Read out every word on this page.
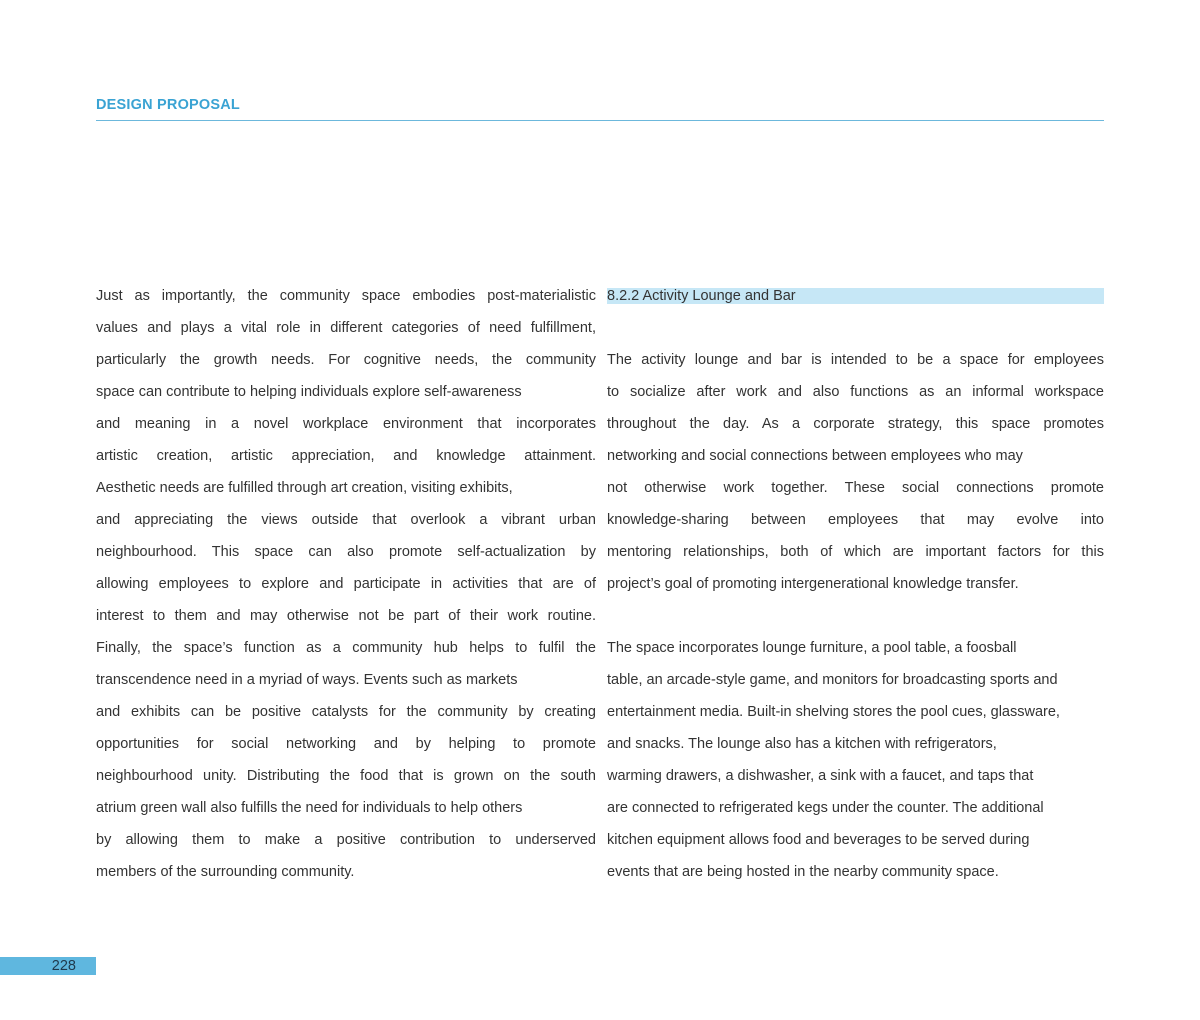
DESIGN PROPOSAL
Just as importantly, the community space embodies post-materialistic
values and plays a vital role in different categories of need fulfillment,
particularly the growth needs. For cognitive needs, the community
space can contribute to helping individuals explore self-awareness
and meaning in a novel workplace environment that incorporates
artistic creation, artistic appreciation, and knowledge attainment.
Aesthetic needs are fulfilled through art creation, visiting exhibits,
and appreciating the views outside that overlook a vibrant urban
neighbourhood. This space can also promote self-actualization by
allowing employees to explore and participate in activities that are of
interest to them and may otherwise not be part of their work routine.
Finally, the space’s function as a community hub helps to fulfil the
transcendence need in a myriad of ways. Events such as markets
and exhibits can be positive catalysts for the community by creating
opportunities for social networking and by helping to promote
neighbourhood unity. Distributing the food that is grown on the south
atrium green wall also fulfills the need for individuals to help others
by allowing them to make a positive contribution to underserved
members of the surrounding community.
8.2.2 Activity Lounge and Bar
The activity lounge and bar is intended to be a space for employees
to socialize after work and also functions as an informal workspace
throughout the day. As a corporate strategy, this space promotes
networking and social connections between employees who may
not otherwise work together. These social connections promote
knowledge-sharing between employees that may evolve into
mentoring relationships, both of which are important factors for this
project’s goal of promoting intergenerational knowledge transfer.
The space incorporates lounge furniture, a pool table, a foosball
table, an arcade-style game, and monitors for broadcasting sports and
entertainment media. Built-in shelving stores the pool cues, glassware,
and snacks. The lounge also has a kitchen with refrigerators,
warming drawers, a dishwasher, a sink with a faucet, and taps that
are connected to refrigerated kegs under the counter. The additional
kitchen equipment allows food and beverages to be served during
events that are being hosted in the nearby community space.
228
